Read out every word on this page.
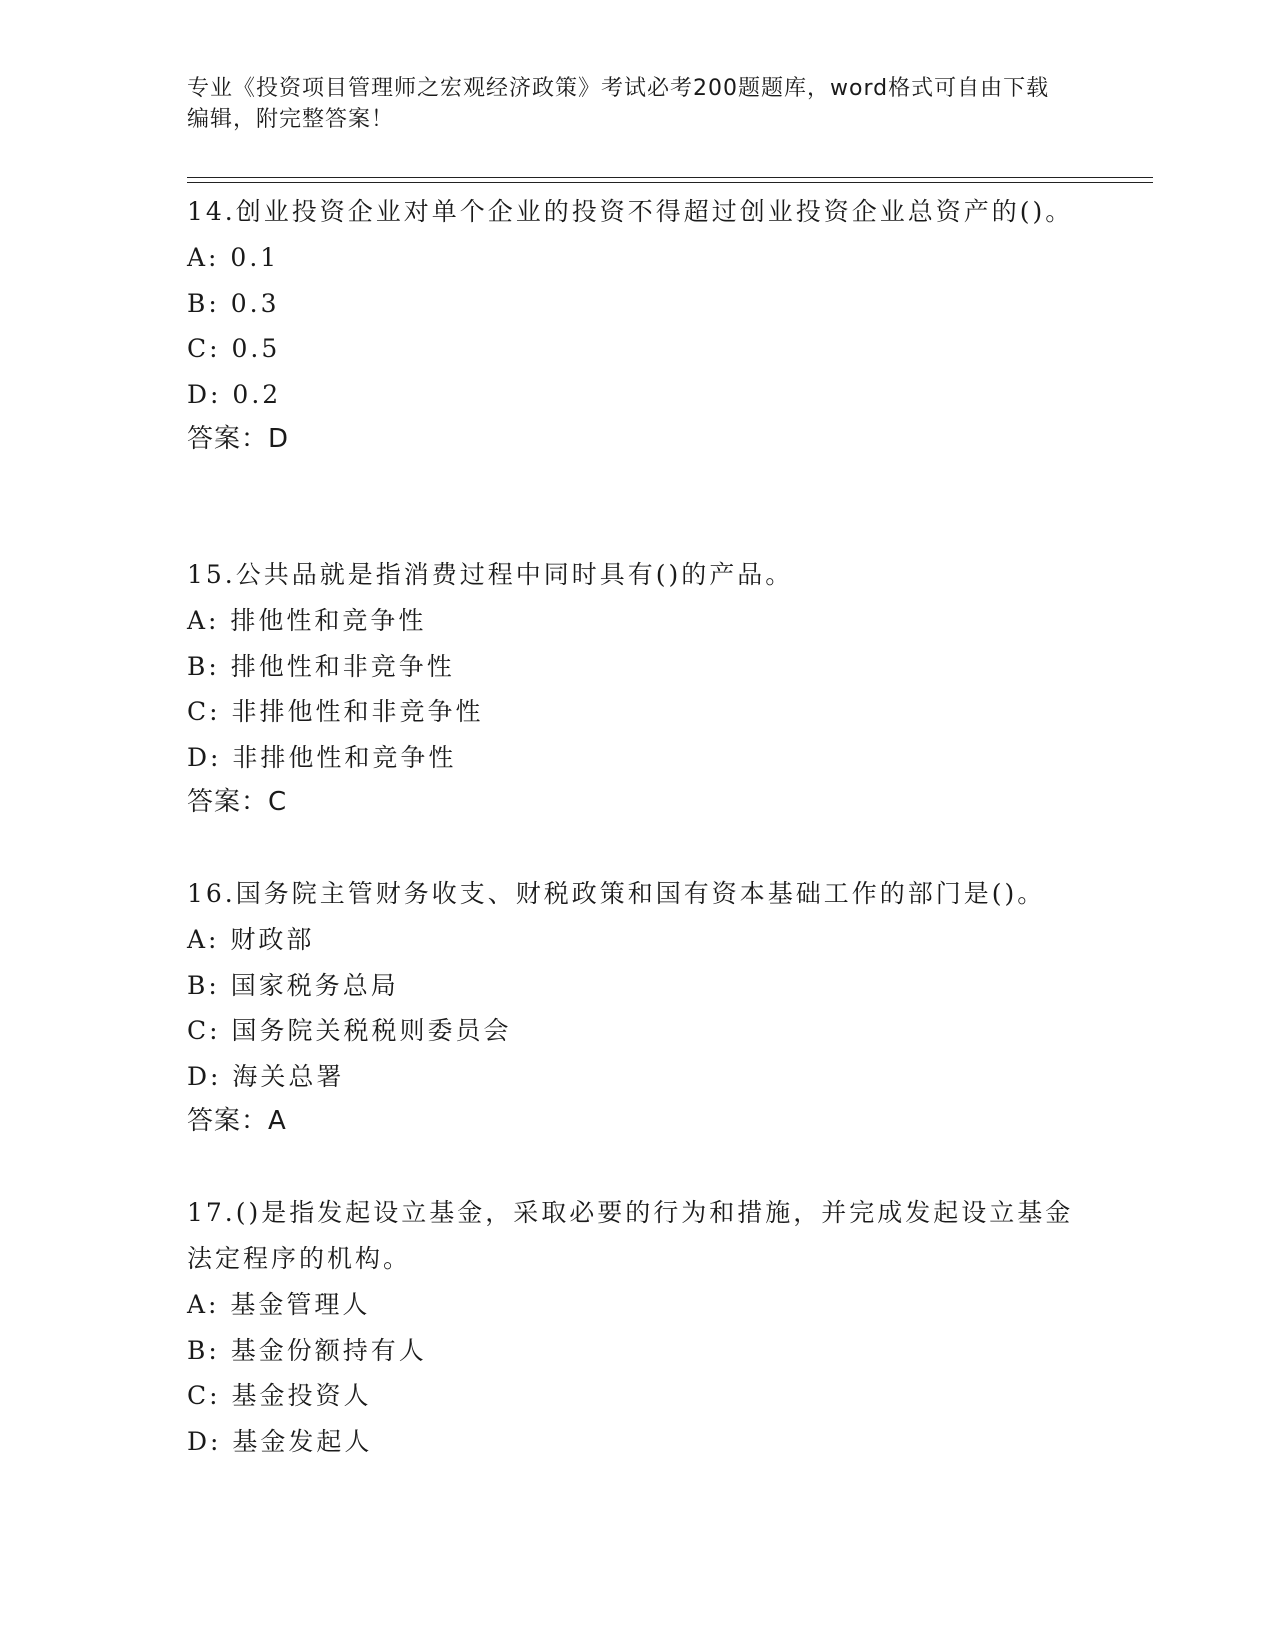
专业《投资项目管理师之宏观经济政策》考试必考200题题库，word格式可自由下载编辑，附完整答案！

14.创业投资企业对单个企业的投资不得超过创业投资企业总资产的()。

A: 0.1

B: 0.3

C: 0.5

D: 0.2

答案：D

15.公共品就是指消费过程中同时具有()的产品。

A: 排他性和竞争性

B: 排他性和非竞争性

C: 非排他性和非竞争性

D: 非排他性和竞争性

答案：C

16.国务院主管财务收支、财税政策和国有资本基础工作的部门是()。

A: 财政部

B: 国家税务总局

C: 国务院关税税则委员会

D: 海关总署

答案：A

17.()是指发起设立基金，采取必要的行为和措施，并完成发起设立基金法定程序的机构。

A: 基金管理人

B: 基金份额持有人

C: 基金投资人

D: 基金发起人
